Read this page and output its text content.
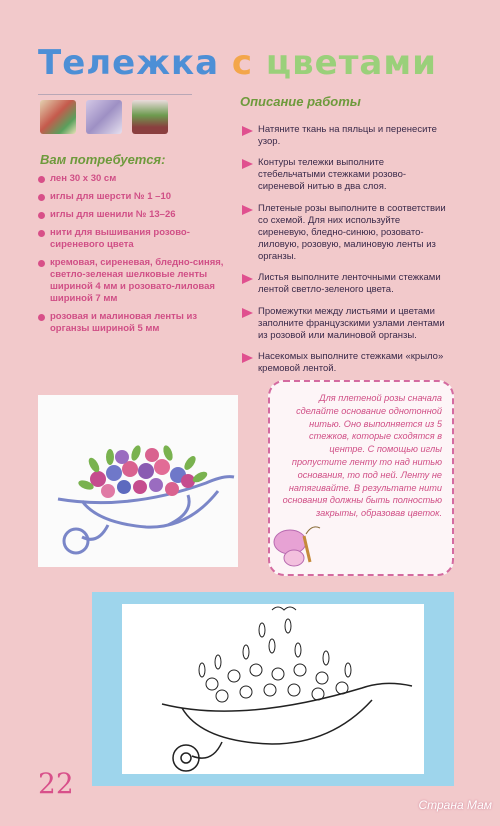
Тележка с цветами
Вам потребуется:
лен 30 х 30 см
иглы для шерсти № 1 –10
иглы для шенили № 13–26
нити для вышивания розово-сиреневого цвета
кремовая, сиреневая, бледно-синяя, светло-зеленая шелковые ленты шириной 4 мм и розовато-лиловая шириной 7 мм
розовая и малиновая ленты из органзы шириной 5 мм
Описание работы

Натяните ткань на пяльцы и перенесите узор.

Контуры тележки выполните стебельчатыми стежками розово-сиреневой нитью в два слоя.

Плетеные розы выполните в соответствии со схемой. Для них используйте сиреневую, бледно-синюю, розовато-лиловую, розовую, малиновую ленты из органзы.

Листья выполните ленточными стежками лентой светло-зеленого цвета.

Промежутки между листьями и цветами заполните французскими узлами лентами из розовой или малиновой органзы.

Насекомых выполните стежками «крыло» кремовой лентой.

Для плетеной розы сначала сделайте основание однотонной нитью. Оно выполняется из 5 стежков, которые сходятся в центре. С помощью иглы пропустите ленту то над нитью основания, то под ней. Ленту не натягивайте. В результате нити основания должны быть полностью закрыты, образовав цветок.

22

Страна Мам
